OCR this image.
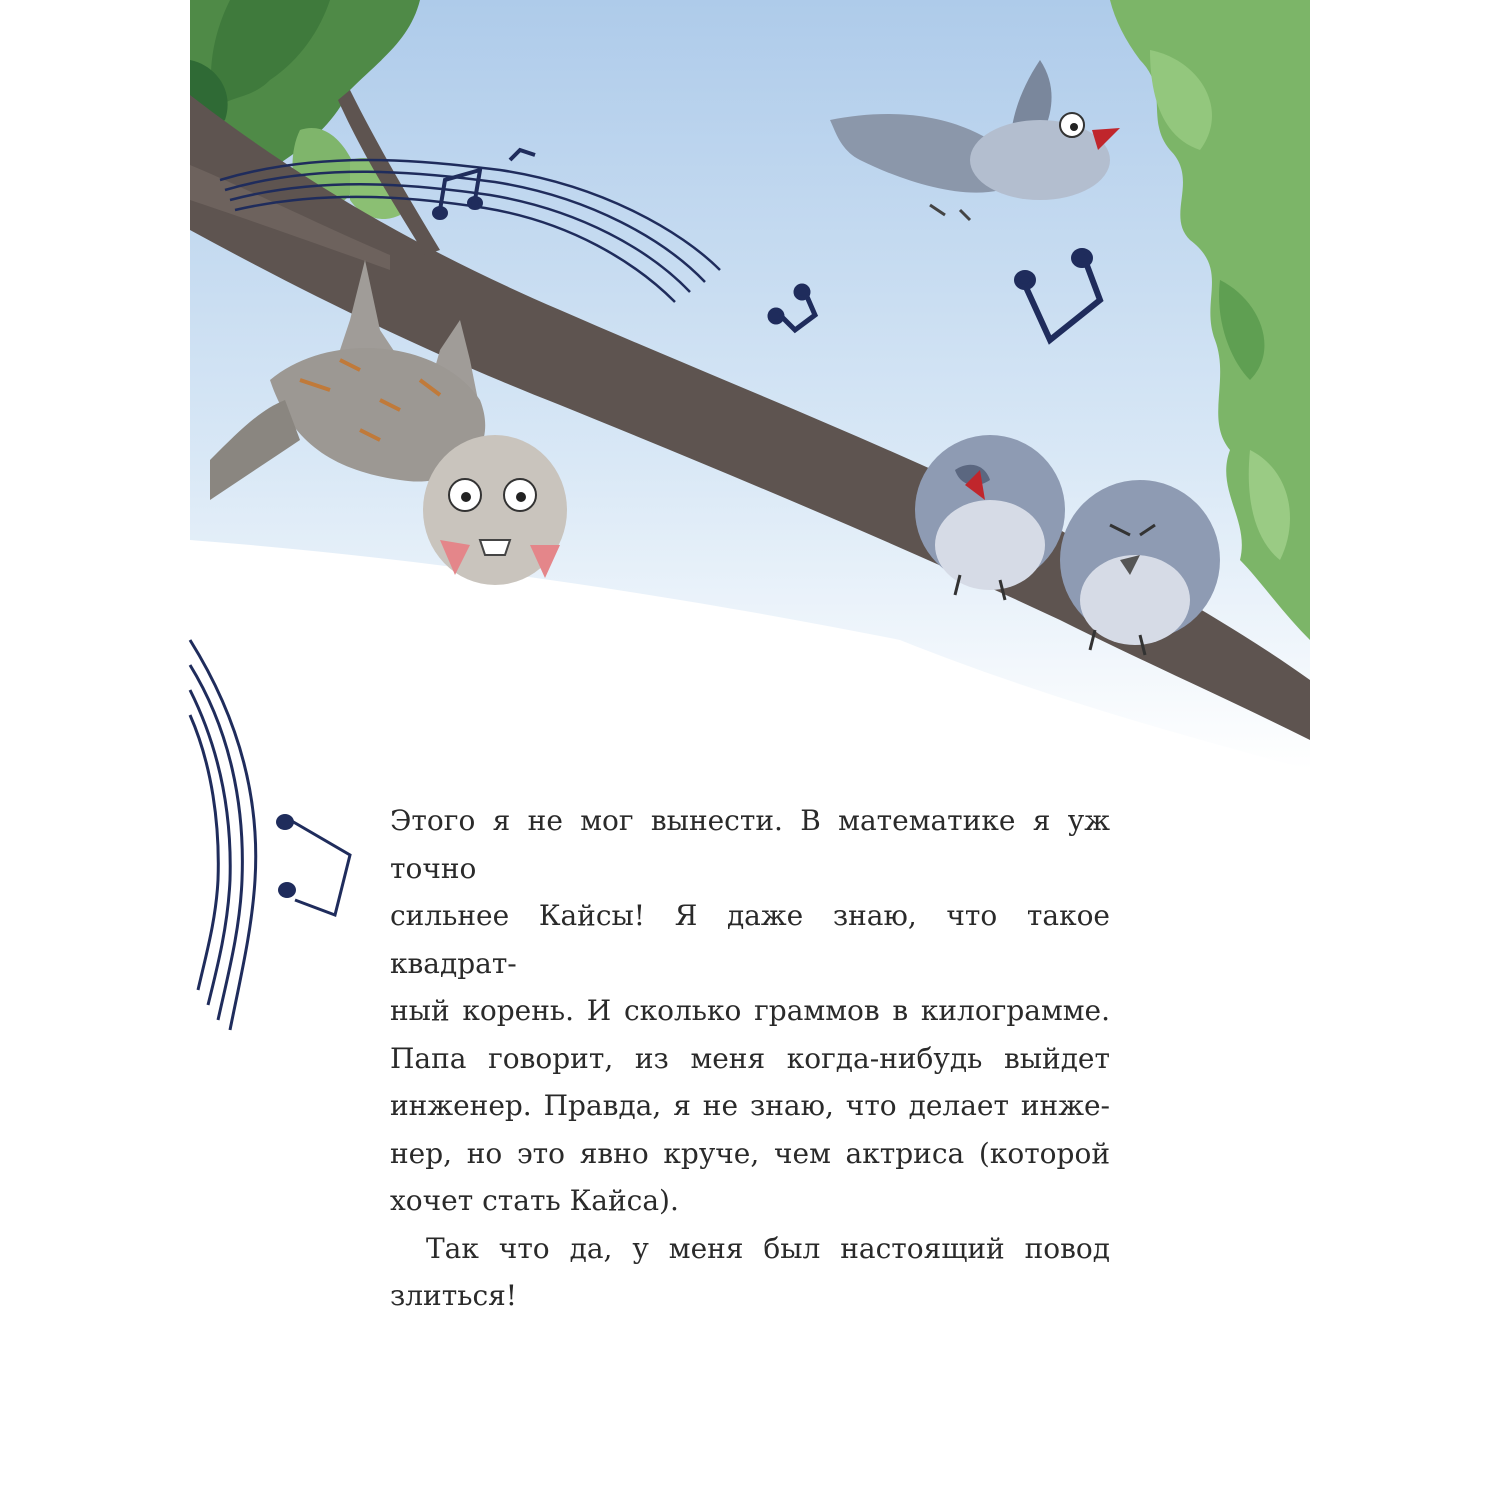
Этого я не мог вынести. В математике я уж точно
сильнее Кайсы! Я даже знаю, что такое квадрат-
ный корень. И сколько граммов в килограмме.
Папа говорит, из меня когда-нибудь выйдет
инженер. Правда, я не знаю, что делает инже-
нер, но это явно круче, чем актриса (которой
хочет стать Кайса).

Так что да, у меня был настоящий повод
злиться!
